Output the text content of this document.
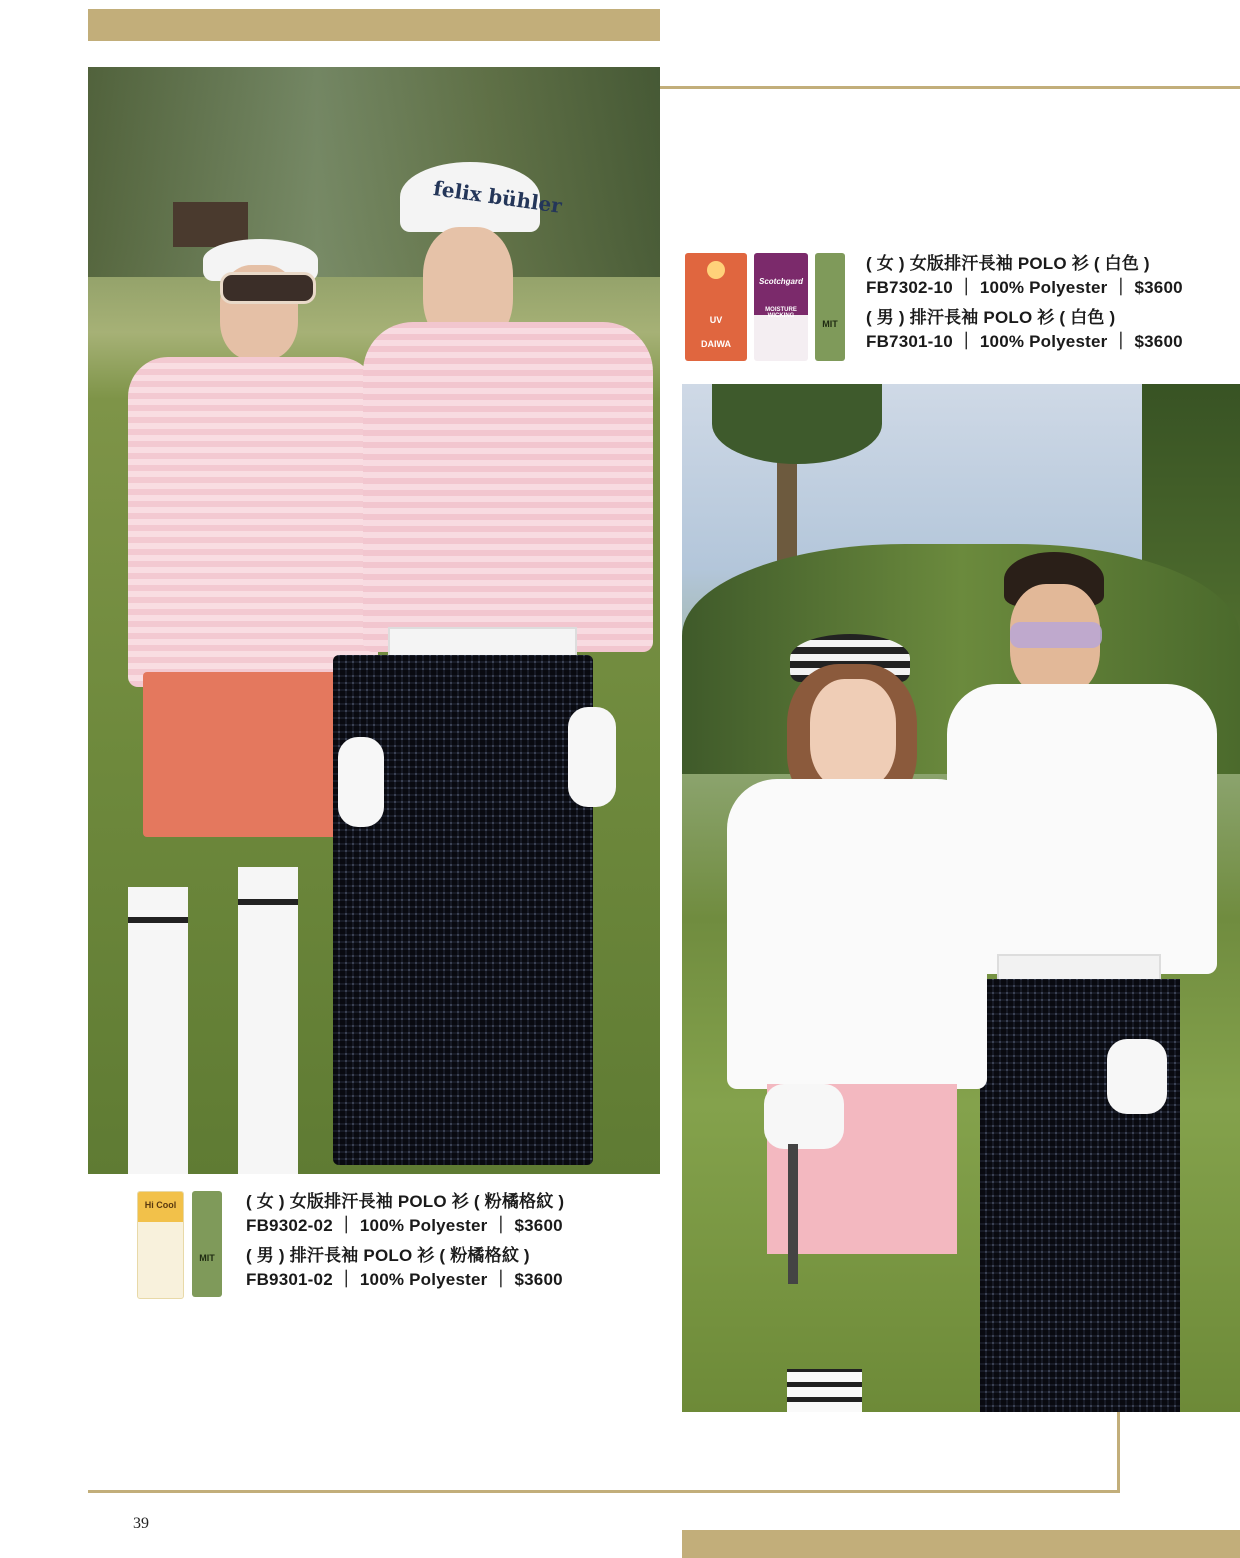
felix bühler
Hi Cool
MIT
( 女 ) 女版排汗長袖 POLO 衫 ( 粉橘格紋 )
FB9302-02 ｜ 100% Polyester ｜ $3600
( 男 ) 排汗長袖 POLO 衫 ( 粉橘格紋 )
FB9301-02 ｜ 100% Polyester ｜ $3600
UV
DAIWA
Scotchgard
MOISTURE WICKING
MIT
( 女 ) 女版排汗長袖 POLO 衫 ( 白色 )
FB7302-10 ｜ 100% Polyester ｜ $3600
( 男 ) 排汗長袖 POLO 衫 ( 白色 )
FB7301-10 ｜ 100% Polyester ｜ $3600
39
